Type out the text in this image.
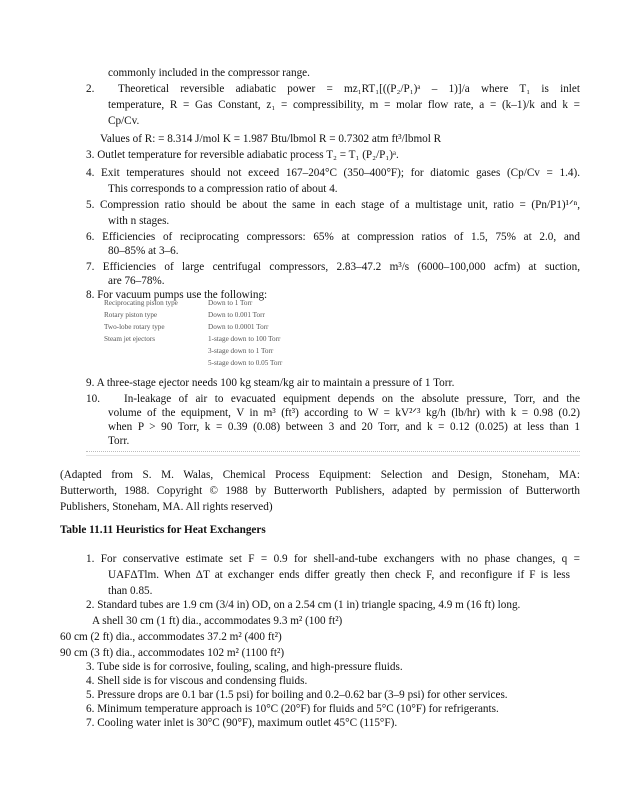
commonly included in the compressor range.
2. Theoretical reversible adiabatic power = mz₁RT₁[((P₂/P₁)ᵃ – 1)]/a where T₁ is inlet
temperature, R = Gas Constant, z₁ = compressibility, m = molar flow rate, a = (k–1)/k and k =
Cp/Cv.
Values of R: = 8.314 J/mol K = 1.987 Btu/lbmol R = 0.7302 atm ft³/lbmol R
3. Outlet temperature for reversible adiabatic process T₂ = T₁ (P₂/P₁)ᵃ.
4. Exit temperatures should not exceed 167–204°C (350–400°F); for diatomic gases (Cp/Cv = 1.4).
This corresponds to a compression ratio of about 4.
5. Compression ratio should be about the same in each stage of a multistage unit, ratio = (Pn/P1)¹ᐟⁿ,
with n stages.
6. Efficiencies of reciprocating compressors: 65% at compression ratios of 1.5, 75% at 2.0, and
80–85% at 3–6.
7. Efficiencies of large centrifugal compressors, 2.83–47.2 m³/s (6000–100,000 acfm) at suction,
are 76–78%.
8. For vacuum pumps use the following:
Reciprocating piston type	Down to 1 Torr
Rotary piston type	Down to 0.001 Torr
Two-lobe rotary type	Down to 0.0001 Torr
Steam jet ejectors	1-stage down to 100 Torr
3-stage down to 1 Torr
5-stage down to 0.05 Torr
9. A three-stage ejector needs 100 kg steam/kg air to maintain a pressure of 1 Torr.
10. In-leakage of air to evacuated equipment depends on the absolute pressure, Torr, and the
volume of the equipment, V in m³ (ft³) according to W = kV²ᐟ³ kg/h (lb/hr) with k = 0.98 (0.2)
when P > 90 Torr, k = 0.39 (0.08) between 3 and 20 Torr, and k = 0.12 (0.025) at less than 1
Torr.
(Adapted from S. M. Walas, Chemical Process Equipment: Selection and Design, Stoneham, MA:
Butterworth, 1988. Copyright © 1988 by Butterworth Publishers, adapted by permission of Butterworth
Publishers, Stoneham, MA. All rights reserved)
Table 11.11 Heuristics for Heat Exchangers
1. For conservative estimate set F = 0.9 for shell-and-tube exchangers with no phase changes, q =
UAFΔTlm. When ΔT at exchanger ends differ greatly then check F, and reconfigure if F is less
than 0.85.
2. Standard tubes are 1.9 cm (3/4 in) OD, on a 2.54 cm (1 in) triangle spacing, 4.9 m (16 ft) long.
A shell 30 cm (1 ft) dia., accommodates 9.3 m² (100 ft²)
60 cm (2 ft) dia., accommodates 37.2 m² (400 ft²)
90 cm (3 ft) dia., accommodates 102 m² (1100 ft²)
3. Tube side is for corrosive, fouling, scaling, and high-pressure fluids.
4. Shell side is for viscous and condensing fluids.
5. Pressure drops are 0.1 bar (1.5 psi) for boiling and 0.2–0.62 bar (3–9 psi) for other services.
6. Minimum temperature approach is 10°C (20°F) for fluids and 5°C (10°F) for refrigerants.
7. Cooling water inlet is 30°C (90°F), maximum outlet 45°C (115°F).
